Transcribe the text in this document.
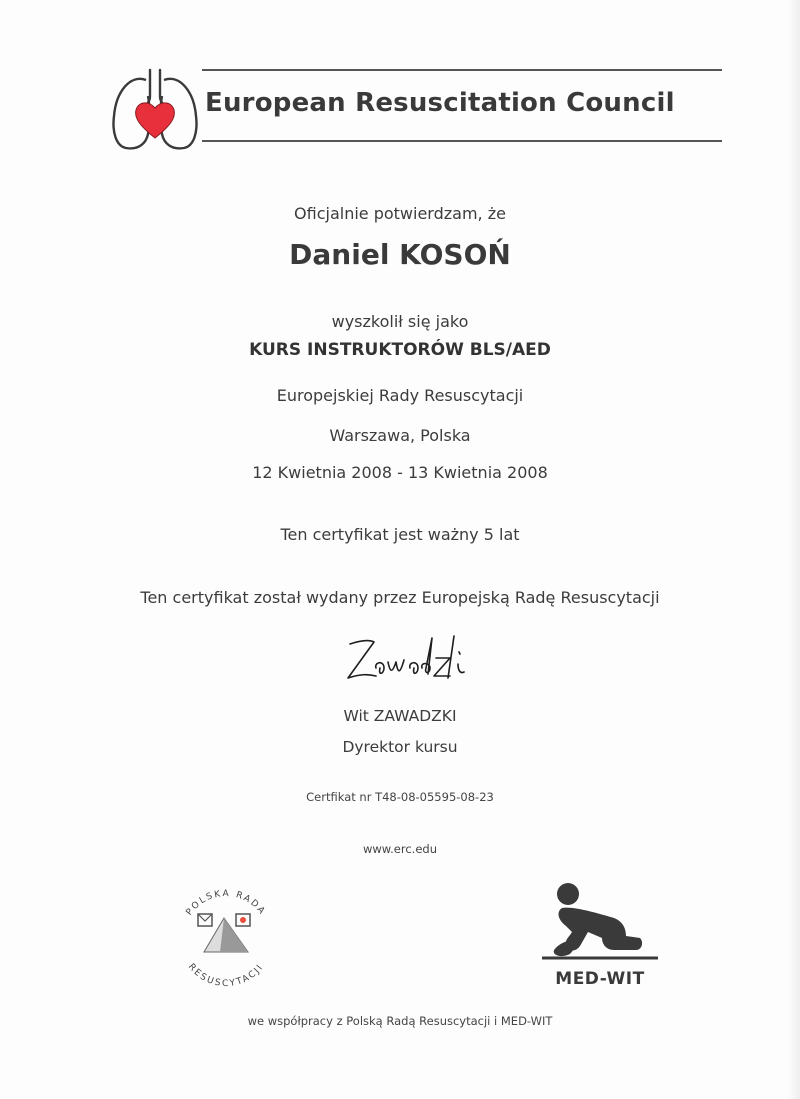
European Resuscitation Council
Oficjalnie potwierdzam, że
Daniel KOSOŃ
wyszkolił się jako
KURS INSTRUKTORÓW BLS/AED
Europejskiej Rady Resuscytacji
Warszawa, Polska
12 Kwietnia 2008 - 13 Kwietnia 2008
Ten certyfikat jest ważny 5 lat
Ten certyfikat został wydany przez Europejską Radę Resuscytacji
Wit ZAWADZKI
Dyrektor kursu
Certfikat nr T48-08-05595-08-23
www.erc.edu
POLSKA RADA
RESUSCYTACJI
MED-WIT
we współpracy z Polską Radą Resuscytacji i MED-WIT
